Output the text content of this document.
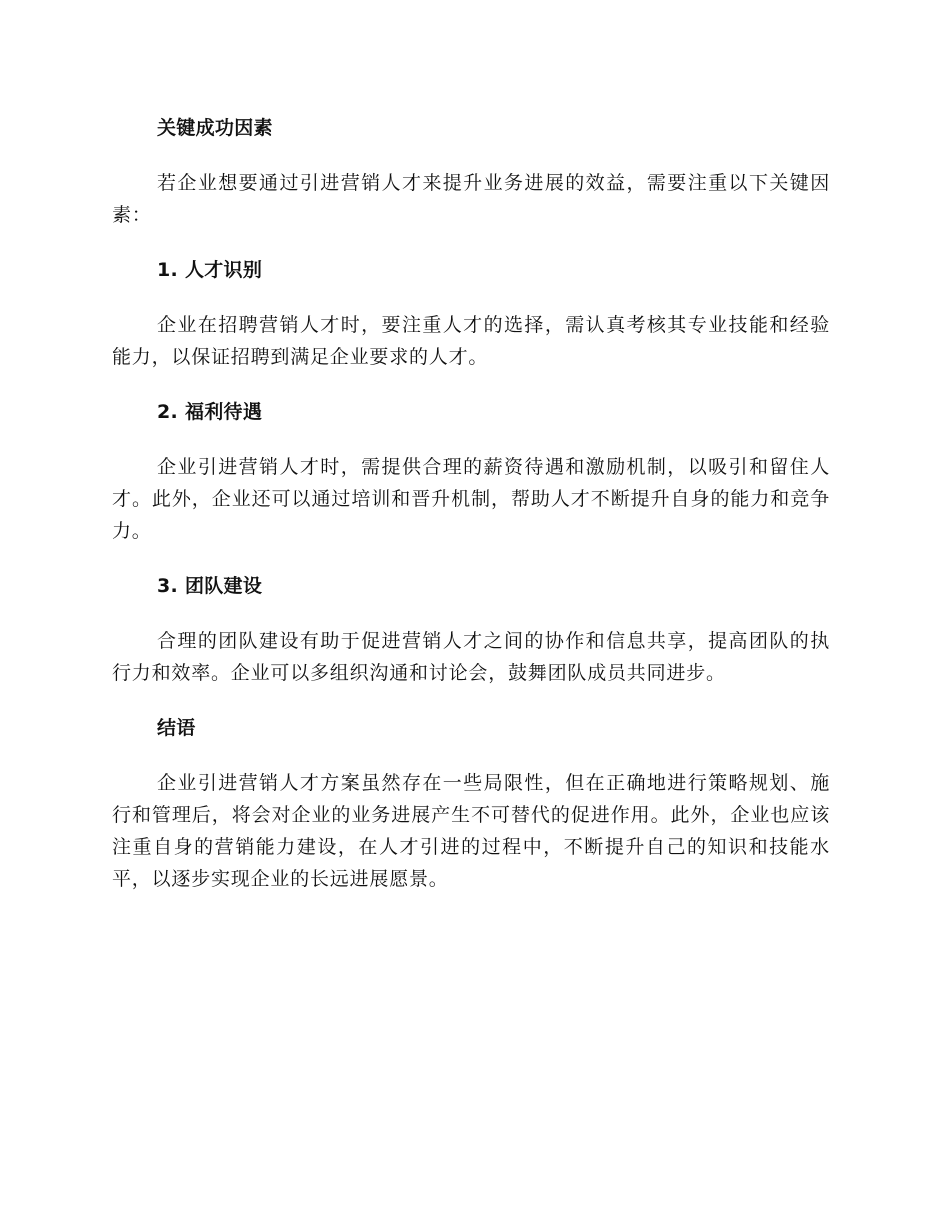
关键成功因素

若企业想要通过引进营销人才来提升业务进展的效益，需要注重以下关键因素：

1. 人才识别

企业在招聘营销人才时，要注重人才的选择，需认真考核其专业技能和经验能力，以保证招聘到满足企业要求的人才。

2. 福利待遇

企业引进营销人才时，需提供合理的薪资待遇和激励机制，以吸引和留住人才。此外，企业还可以通过培训和晋升机制，帮助人才不断提升自身的能力和竞争力。

3. 团队建设

合理的团队建设有助于促进营销人才之间的协作和信息共享，提高团队的执行力和效率。企业可以多组织沟通和讨论会，鼓舞团队成员共同进步。

结语

企业引进营销人才方案虽然存在一些局限性，但在正确地进行策略规划、施行和管理后，将会对企业的业务进展产生不可替代的促进作用。此外，企业也应该注重自身的营销能力建设，在人才引进的过程中，不断提升自己的知识和技能水平，以逐步实现企业的长远进展愿景。
